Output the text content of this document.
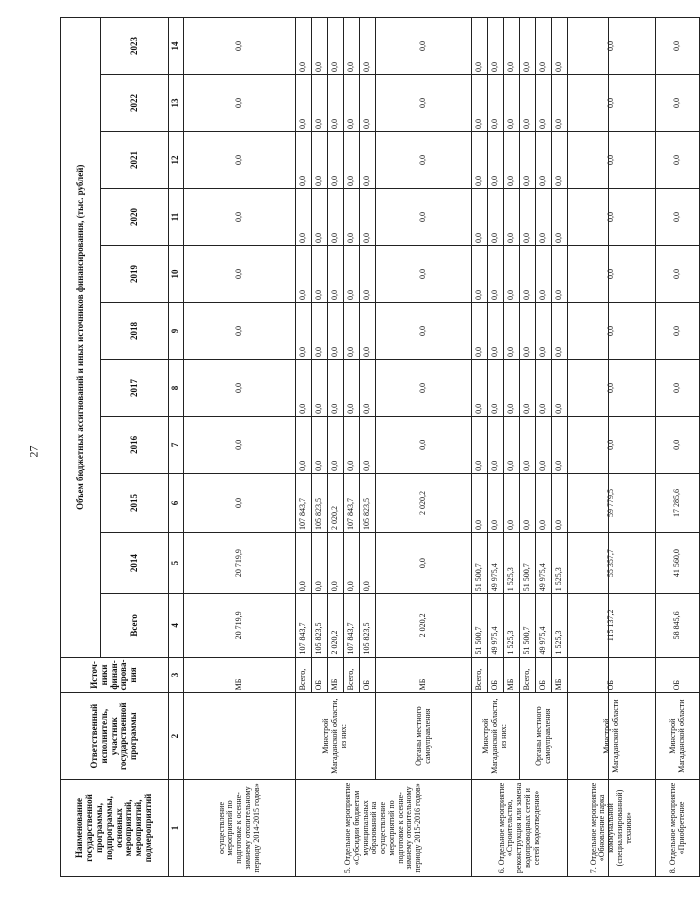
27
Наименование государственной программы, подпрограммы, основных мероприятий, мероприятий, подмероприятий	Ответственный исполнитель, участник государственной программы	Источ-ники финан-сирова-ния	Объем бюджетных ассигнований и иных источников финансирования, (тыс. рублей)										
			Всего	2014	2015	2016	2017	2018	2019	2020	2021	2022	2023
1	2	3	4	5	6	7	8	9	10	11	12	13	14
осуществление мероприятий по подготовке к осенне-зимнему отопительному периоду 2014-2015 годов»		МБ	20 719,9	20 719,9	0,0	0,0	0,0	0,0	0,0	0,0	0,0	0,0	0,0
5. Отдельное мероприятие «Субсидии бюджетам муниципальных образований на осуществление мероприятий по подготовке к осенне-зимнему отопительному периоду 2015-2016 годов»	Минстрой Магаданской области, из них:	Всего,	107 843,7	0,0	107 843,7	0,0	0,0	0,0	0,0	0,0	0,0	0,0	0,0
		ОБ	105 823,5	0,0	105 823,5	0,0	0,0	0,0	0,0	0,0	0,0	0,0	0,0
		МБ	2 020,2	0,0	2 020,2	0,0	0,0	0,0	0,0	0,0	0,0	0,0	0,0
		Всего,	107 843,7	0,0	107 843,7	0,0	0,0	0,0	0,0	0,0	0,0	0,0	0,0
		ОБ	105 823,5	0,0	105 823,5	0,0	0,0	0,0	0,0	0,0	0,0	0,0	0,0
	Органы местного самоуправления	МБ	2 020,2	0,0	2 020,2	0,0	0,0	0,0	0,0	0,0	0,0	0,0	0,0
6. Отдельное мероприятие «Строительство, реконструкция или замена водопроводных сетей и сетей водоотведения»	Минстрой Магаданской области, из них:	Всего,	51 500,7	51 500,7	0,0	0,0	0,0	0,0	0,0	0,0	0,0	0,0	0,0
		ОБ	49 975,4	49 975,4	0,0	0,0	0,0	0,0	0,0	0,0	0,0	0,0	0,0
		МБ	1 525,3	1 525,3	0,0	0,0	0,0	0,0	0,0	0,0	0,0	0,0	0,0
	Органы местного самоуправления	Всего,	51 500,7	51 500,7	0,0	0,0	0,0	0,0	0,0	0,0	0,0	0,0	0,0
		ОБ	49 975,4	49 975,4	0,0	0,0	0,0	0,0	0,0	0,0	0,0	0,0	0,0
		МБ	1 525,3	1 525,3	0,0	0,0	0,0	0,0	0,0	0,0	0,0	0,0	0,0
7. Отдельное мероприятие «Обновление парка коммунальной (специализированной) техники»	Минстрой Магаданской области	ОБ	115 137,2	55 357,7	59 779,5	0,0	0,0	0,0	0,0	0,0	0,0	0,0	0,0
8. Отдельное мероприятие «Приобретение	Минстрой Магаданской области	ОБ	58 845,6	41 560,0	17 285,6	0,0	0,0	0,0	0,0	0,0	0,0	0,0	0,0
